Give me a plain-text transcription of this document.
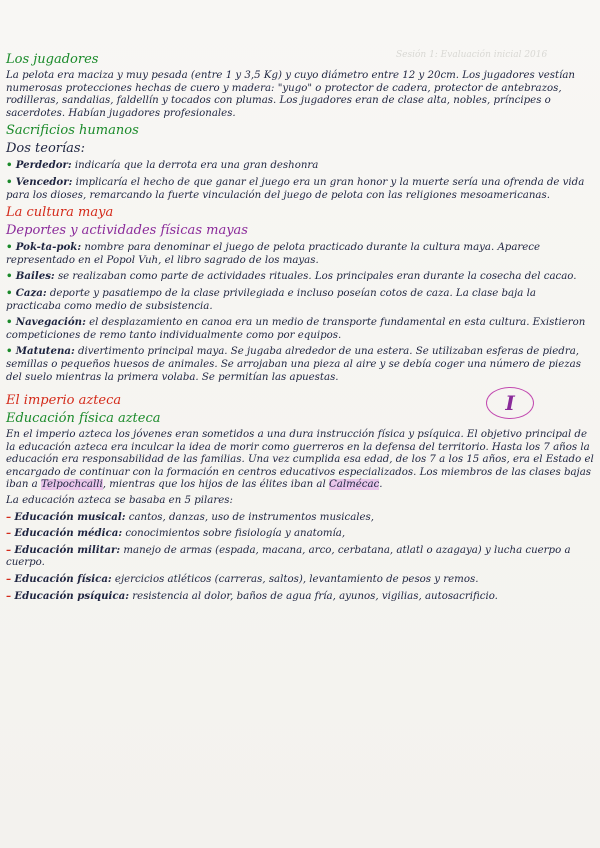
Sesión 1: Evaluación inicial 2016
Los jugadores
La pelota era maciza y muy pesada (entre 1 y 3,5 Kg) y cuyo diámetro entre 12 y 20cm. Los jugadores vestían numerosas protecciones hechas de cuero y madera: "yugo" o protector de cadera, protector de antebrazos, rodilleras, sandalias, faldellín y tocados con plumas. Los jugadores eran de clase alta, nobles, príncipes o sacerdotes. Habían jugadores profesionales.
Sacrificios humanos
Dos teorías:
• Perdedor: indicaría que la derrota era una gran deshonra
• Vencedor: implicaría el hecho de que ganar el juego era un gran honor y la muerte sería una ofrenda de vida para los dioses, remarcando la fuerte vinculación del juego de pelota con las religiones mesoamericanas.
La cultura maya
Deportes y actividades físicas mayas
• Pok-ta-pok: nombre para denominar el juego de pelota practicado durante la cultura maya. Aparece representado en el Popol Vuh, el libro sagrado de los mayas.
• Bailes: se realizaban como parte de actividades rituales. Los principales eran durante la cosecha del cacao.
• Caza: deporte y pasatiempo de la clase privilegiada e incluso poseían cotos de caza. La clase baja la practicaba como medio de subsistencia.
• Navegación: el desplazamiento en canoa era un medio de transporte fundamental en esta cultura. Existieron competiciones de remo tanto individualmente como por equipos.
• Matutena: divertimento principal maya. Se jugaba alrededor de una estera. Se utilizaban esferas de piedra, semillas o pequeños huesos de animales. Se arrojaban una pieza al aire y se debía coger una número de piezas del suelo mientras la primera volaba. Se permitían las apuestas.
El imperio azteca	I
Educación física azteca
En el imperio azteca los jóvenes eran sometidos a una dura instrucción física y psíquica. El objetivo principal de la educación azteca era inculcar la idea de morir como guerreros en la defensa del territorio. Hasta los 7 años la educación era responsabilidad de las familias. Una vez cumplida esa edad, de los 7 a los 15 años, era el Estado el encargado de continuar con la formación en centros educativos especializados. Los miembros de las clases bajas iban a Telpochcalli, mientras que los hijos de las élites iban al Calmécac.
La educación azteca se basaba en 5 pilares:
– Educación musical: cantos, danzas, uso de instrumentos musicales,
– Educación médica: conocimientos sobre fisiología y anatomía,
– Educación militar: manejo de armas (espada, macana, arco, cerbatana, atlatl o azagaya) y lucha cuerpo a cuerpo.
– Educación física: ejercicios atléticos (carreras, saltos), levantamiento de pesos y remos.
– Educación psíquica: resistencia al dolor, baños de agua fría, ayunos, vigilias, autosacrificio.
